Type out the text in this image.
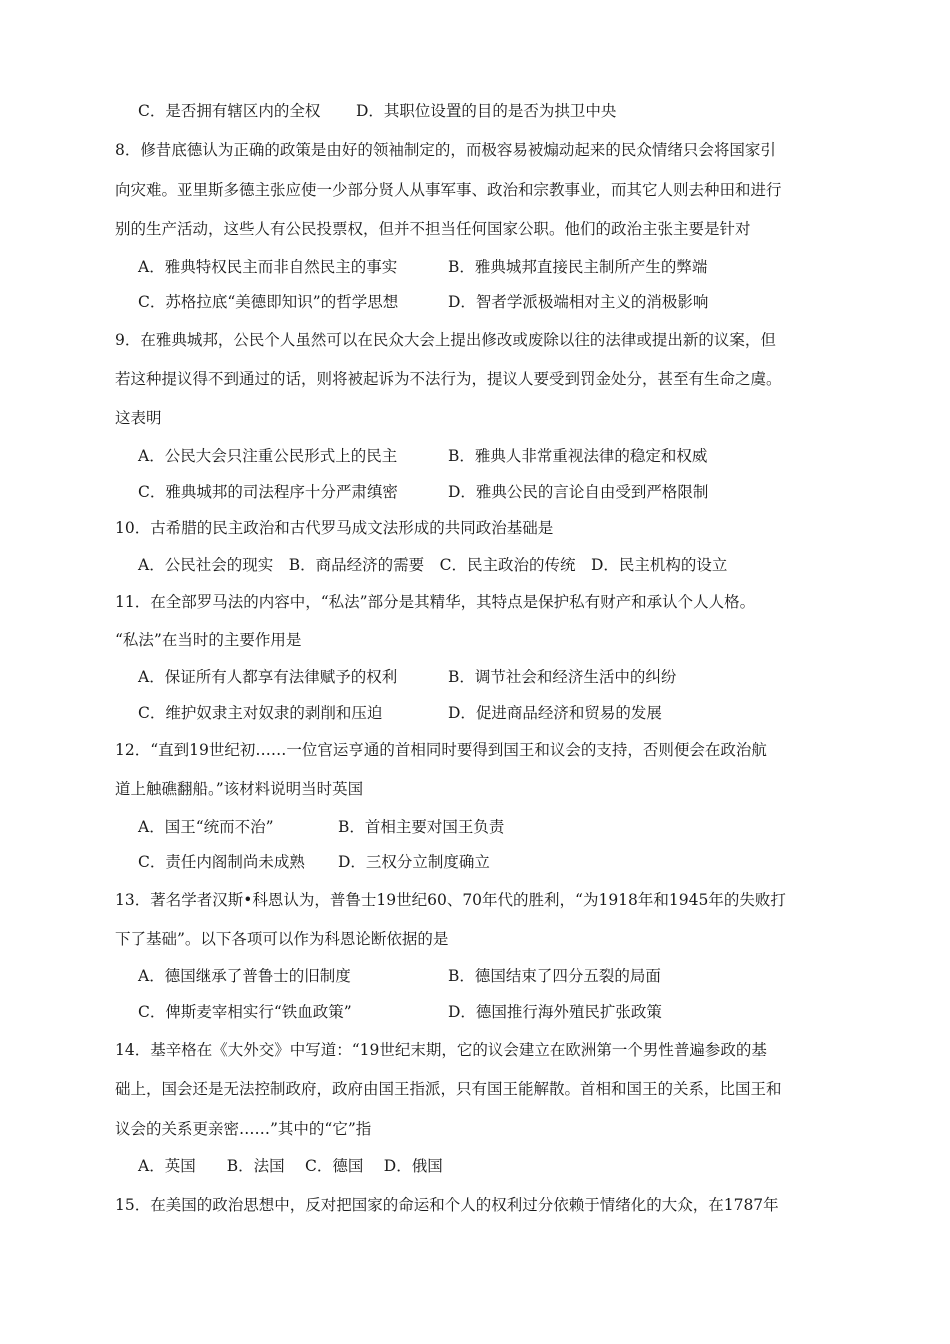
C．是否拥有辖区内的全权 D．其职位设置的目的是否为拱卫中央
8．修昔底德认为正确的政策是由好的领袖制定的，而极容易被煽动起来的民众情绪只会将国家引
向灾难。亚里斯多德主张应使一少部分贤人从事军事、政治和宗教事业，而其它人则去种田和进行
别的生产活动，这些人有公民投票权，但并不担当任何国家公职。他们的政治主张主要是针对
A．雅典特权民主而非自然民主的事实	B．雅典城邦直接民主制所产生的弊端
C．苏格拉底“美德即知识”的哲学思想	D．智者学派极端相对主义的消极影响
9．在雅典城邦，公民个人虽然可以在民众大会上提出修改或废除以往的法律或提出新的议案，但
若这种提议得不到通过的话，则将被起诉为不法行为，提议人要受到罚金处分，甚至有生命之虞。
这表明
A．公民大会只注重公民形式上的民主	B．雅典人非常重视法律的稳定和权威
C．雅典城邦的司法程序十分严肃缜密	D．雅典公民的言论自由受到严格限制
10．古希腊的民主政治和古代罗马成文法形成的共同政治基础是
A．公民社会的现实　B．商品经济的需要　C．民主政治的传统　D．民主机构的设立
11．在全部罗马法的内容中，“私法”部分是其精华，其特点是保护私有财产和承认个人人格。
“私法”在当时的主要作用是
A．保证所有人都享有法律赋予的权利	B．调节社会和经济生活中的纠纷
C．维护奴隶主对奴隶的剥削和压迫	D．促进商品经济和贸易的发展
12．“直到19世纪初……一位官运亨通的首相同时要得到国王和议会的支持，否则便会在政治航
道上触礁翻船。”该材料说明当时英国
A．国王“统而不治”	B．首相主要对国王负责
C．责任内阁制尚未成熟 D．三权分立制度确立
13．著名学者汉斯•科恩认为，普鲁士19世纪60、70年代的胜利，“为1918年和1945年的失败打
下了基础”。以下各项可以作为科恩论断依据的是
A．德国继承了普鲁士的旧制度	B．德国结束了四分五裂的局面
C．俾斯麦宰相实行“铁血政策”	D．德国推行海外殖民扩张政策
14．基辛格在《大外交》中写道：“19世纪末期，它的议会建立在欧洲第一个男性普遍参政的基
础上，国会还是无法控制政府，政府由国王指派，只有国王能解散。首相和国王的关系，比国王和
议会的关系更亲密……”其中的“它”指
A．英国　　B．法国　 C．德国　 D．俄国
15．在美国的政治思想中，反对把国家的命运和个人的权利过分依赖于情绪化的大众，在1787年
